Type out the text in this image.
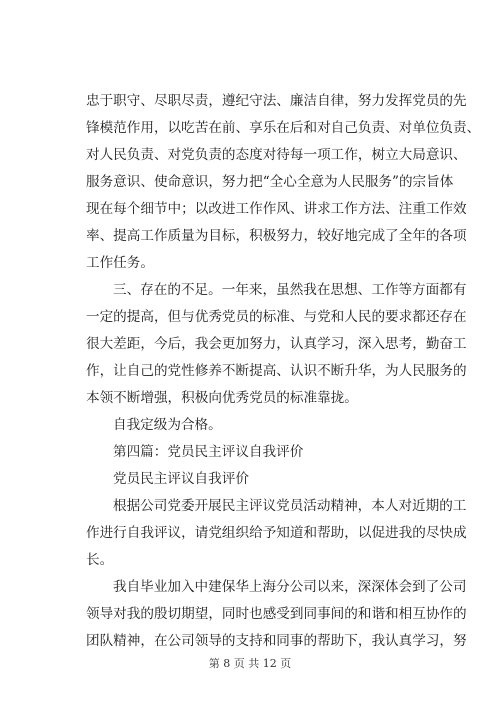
忠于职守、尽职尽责，遵纪守法、廉洁自律，努力发挥党员的先
锋模范作用，以吃苦在前、享乐在后和对自己负责、对单位负责、
对人民负责、对党负责的态度对待每一项工作，树立大局意识、
服务意识、使命意识，努力把“全心全意为人民服务”的宗旨体
现在每个细节中；以改进工作作风、讲求工作方法、注重工作效
率、提高工作质量为目标，积极努力，较好地完成了全年的各项
工作任务。
三、存在的不足。一年来，虽然我在思想、工作等方面都有
一定的提高，但与优秀党员的标准、与党和人民的要求都还存在
很大差距，今后，我会更加努力，认真学习，深入思考，勤奋工
作，让自己的党性修养不断提高、认识不断升华，为人民服务的
本领不断增强，积极向优秀党员的标准靠拢。
自我定级为合格。
第四篇：党员民主评议自我评价
党员民主评议自我评价
根据公司党委开展民主评议党员活动精神，本人对近期的工
作进行自我评议，请党组织给予知道和帮助，以促进我的尽快成
长。
我自毕业加入中建保华上海分公司以来，深深体会到了公司
领导对我的殷切期望，同时也感受到同事间的和谐和相互协作的
团队精神，在公司领导的支持和同事的帮助下，我认真学习，努
第 8 页 共 12 页
